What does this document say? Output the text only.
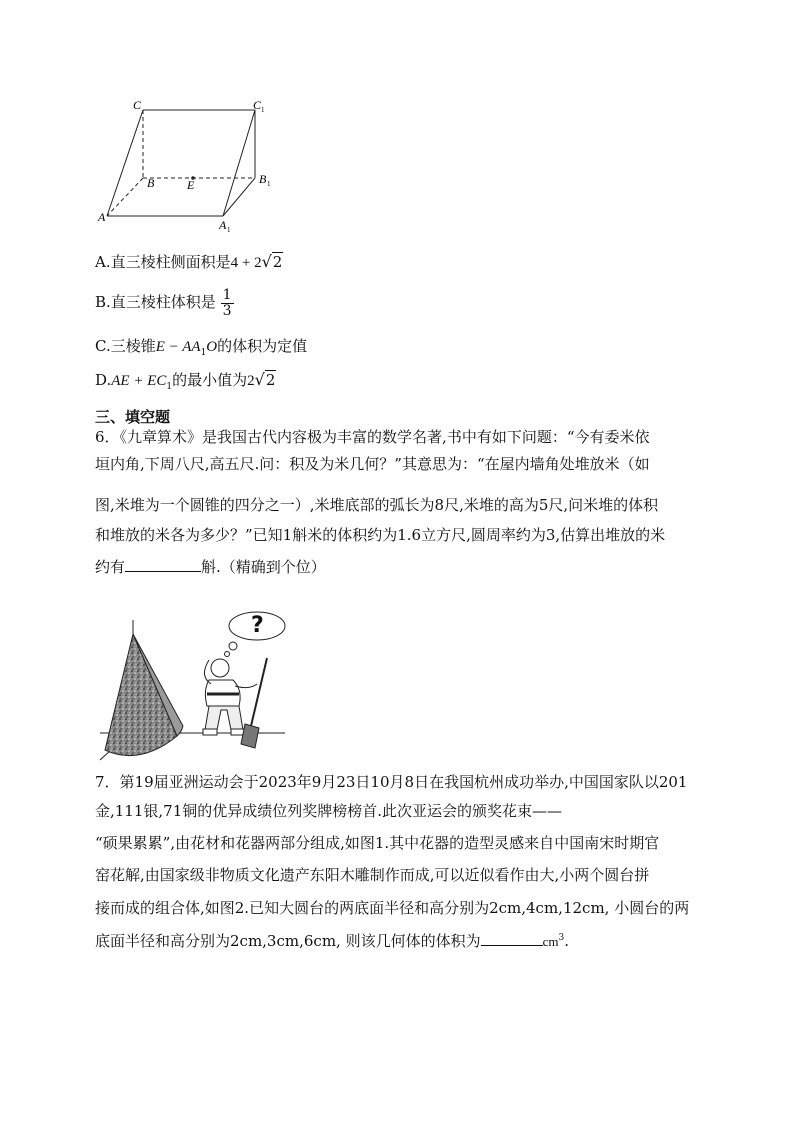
C	C 1
B	E	B 1
A
A 1
A.直三棱柱侧面积是4 + 2√2
B.直三棱柱体积是 $\frac{1}{3}$
C.三棱锥$E - AA_1O$的体积为定值
$D.AE + EC_1$的最小值为2√2
三、填空题
6．《九章算术》是我国古代内容极为丰富的数学名著,书中有如下问题：“今有委米依
垣内角,下周八尺,高五尺.问：积及为米几何？”其意思为：“在屋内墙角处堆放米（如
图,米堆为一个圆锥的四分之一）,米堆底部的弧长为8尺,米堆的高为5尺,问米堆的体积
和堆放的米各为多少？”已知1斛米的体积约为1.6立方尺,圆周率约为3,估算出堆放的米
约有	斛.（精确到个位）
?
7．第19届亚洲运动会于2023年9月23日10月8日在我国杭州成功举办,中国国家队以201
金,111银,71铜的优异成绩位列奖牌榜榜首.此次亚运会的颁奖花束——
“硕果累累”,由花材和花器两部分组成,如图1.其中花器的造型灵感来自中国南宋时期官
窑花解,由国家级非物质文化遗产东阳木雕制作而成,可以近似看作由大,小两个圆台拼
接而成的组合体,如图2.已知大圆台的两底面半径和高分别为2cm,4cm,12cm, 小圆台的两
底面半径和高分别为2cm,3cm,6cm, 则该几何体的体积为	$cm^3$.
